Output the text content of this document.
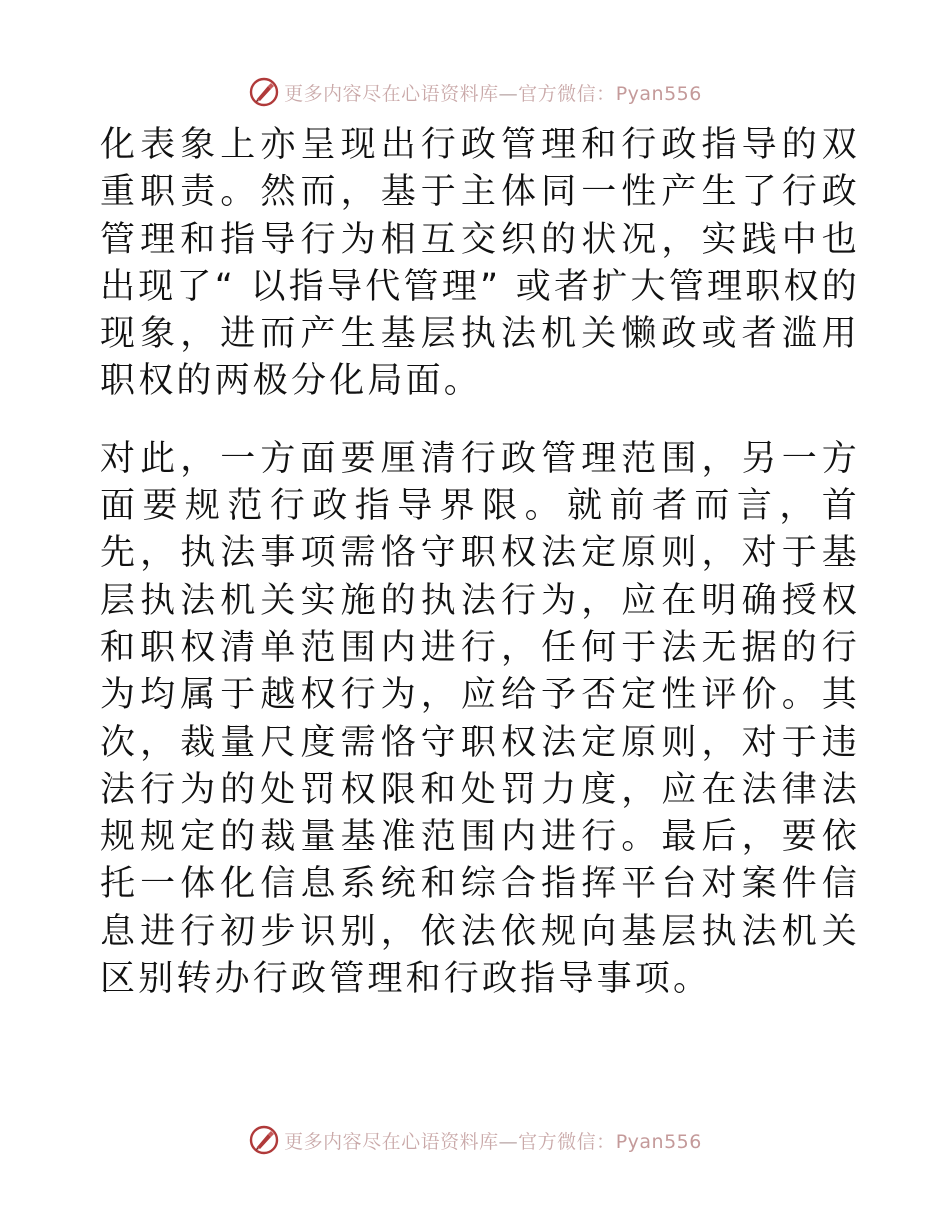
更多内容尽在心语资料库—官方微信：Pyan556

化表象上亦呈现出行政管理和行政指导的双重职责。然而，基于主体同一性产生了行政管理和指导行为相互交织的状况，实践中也出现了“ 以指导代管理” 或者扩大管理职权的现象，进而产生基层执法机关懒政或者滥用职权的两极分化局面。

对此，一方面要厘清行政管理范围，另一方面要规范行政指导界限。就前者而言，首先，执法事项需恪守职权法定原则，对于基层执法机关实施的执法行为，应在明确授权和职权清单范围内进行，任何于法无据的行为均属于越权行为，应给予否定性评价。其次，裁量尺度需恪守职权法定原则，对于违法行为的处罚权限和处罚力度，应在法律法规规定的裁量基准范围内进行。最后，要依托一体化信息系统和综合指挥平台对案件信息进行初步识别，依法依规向基层执法机关区别转办行政管理和行政指导事项。

更多内容尽在心语资料库—官方微信：Pyan556
